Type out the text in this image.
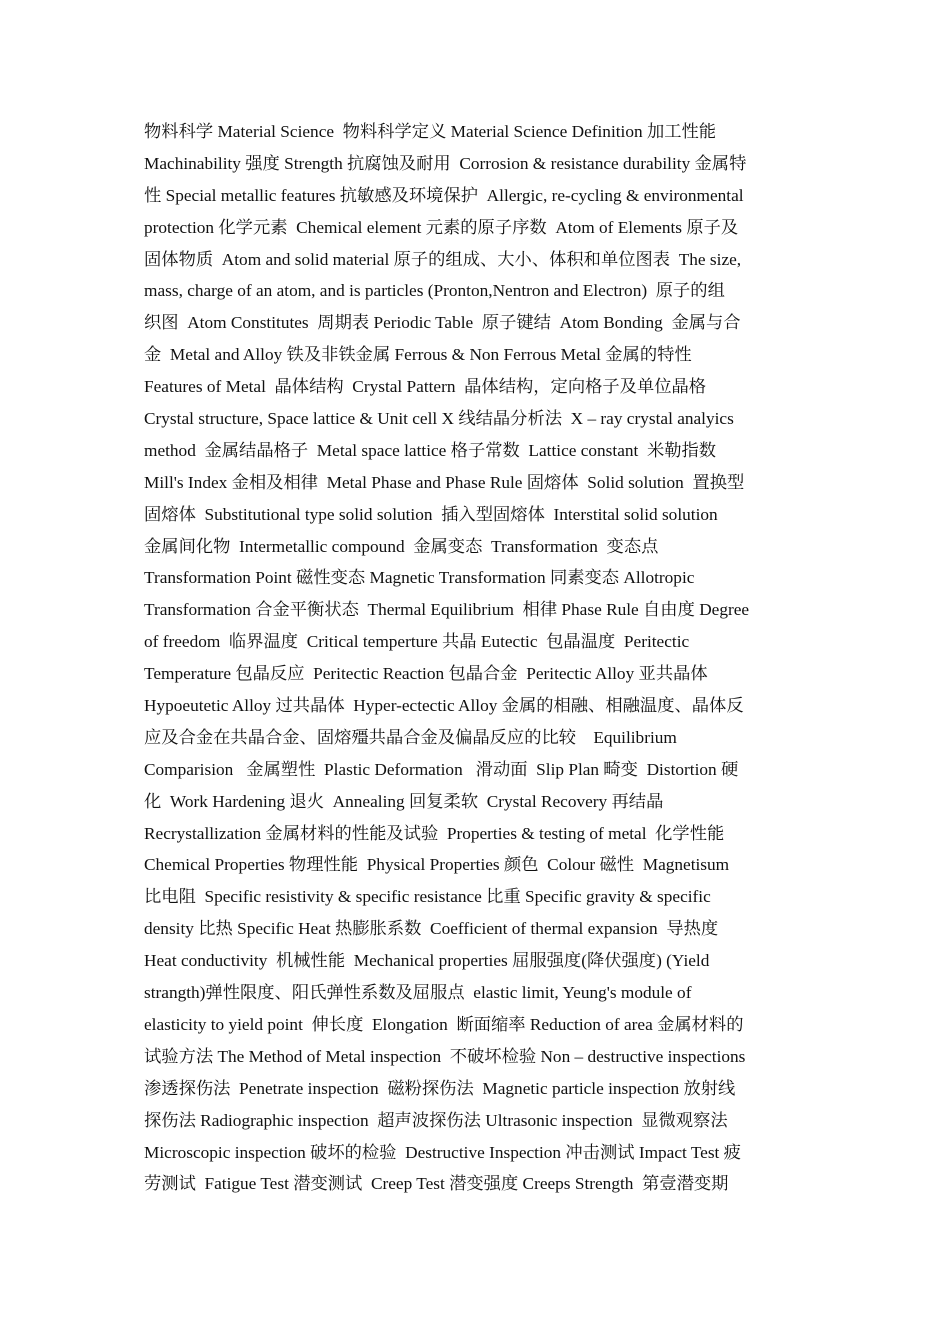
物料科学 Material Science  物料科学定义 Material Science Definition 加工性能
Machinability 强度 Strength 抗腐蚀及耐用  Corrosion & resistance durability 金属特
性 Special metallic features 抗敏感及环境保护  Allergic, re-cycling & environmental
protection 化学元素  Chemical element 元素的原子序数  Atom of Elements 原子及
固体物质  Atom and solid material 原子的组成、大小、体积和单位图表  The size,
mass, charge of an atom, and is particles (Pronton,Nentron and Electron)  原子的组
织图  Atom Constitutes  周期表 Periodic Table  原子键结  Atom Bonding  金属与合
金  Metal and Alloy 铁及非铁金属 Ferrous & Non Ferrous Metal 金属的特性
Features of Metal  晶体结构  Crystal Pattern  晶体结构，定向格子及单位晶格
Crystal structure, Space lattice & Unit cell X 线结晶分析法  X – ray crystal analyics
method  金属结晶格子  Metal space lattice 格子常数  Lattice constant  米勒指数
Mill's Index 金相及相律  Metal Phase and Phase Rule 固熔体  Solid solution  置换型
固熔体  Substitutional type solid solution  插入型固熔体  Interstital solid solution
金属间化物  Intermetallic compound  金属变态  Transformation  变态点
Transformation Point 磁性变态 Magnetic Transformation 同素变态 Allotropic
Transformation 合金平衡状态  Thermal Equilibrium  相律 Phase Rule 自由度 Degree
of freedom  临界温度  Critical temperture 共晶 Eutectic  包晶温度  Peritectic
Temperature 包晶反应  Peritectic Reaction 包晶合金  Peritectic Alloy 亚共晶体
Hypoeutetic Alloy 过共晶体  Hyper-ectectic Alloy 金属的相融、相融温度、晶体反
应及合金在共晶合金、固熔殭共晶合金及偏晶反应的比较    Equilibrium
Comparision   金属塑性  Plastic Deformation   滑动面  Slip Plan 畸变  Distortion 硬
化  Work Hardening 退火  Annealing 回复柔软  Crystal Recovery 再结晶
Recrystallization 金属材料的性能及试验  Properties & testing of metal  化学性能
Chemical Properties 物理性能  Physical Properties 颜色  Colour 磁性  Magnetisum
比电阻  Specific resistivity & specific resistance 比重 Specific gravity & specific
density 比热 Specific Heat 热膨胀系数  Coefficient of thermal expansion  导热度
Heat conductivity  机械性能  Mechanical properties 屈服强度(降伏强度) (Yield
strangth)弹性限度、阳氏弹性系数及屈服点  elastic limit, Yeung's module of
elasticity to yield point  伸长度  Elongation  断面缩率 Reduction of area 金属材料的
试验方法 The Method of Metal inspection  不破坏检验 Non – destructive inspections
渗透探伤法  Penetrate inspection  磁粉探伤法  Magnetic particle inspection 放射线
探伤法 Radiographic inspection  超声波探伤法 Ultrasonic inspection  显微观察法
Microscopic inspection 破坏的检验  Destructive Inspection 冲击测试 Impact Test 疲
劳测试  Fatigue Test 潜变测试  Creep Test 潜变强度 Creeps Strength  第壹潜变期
